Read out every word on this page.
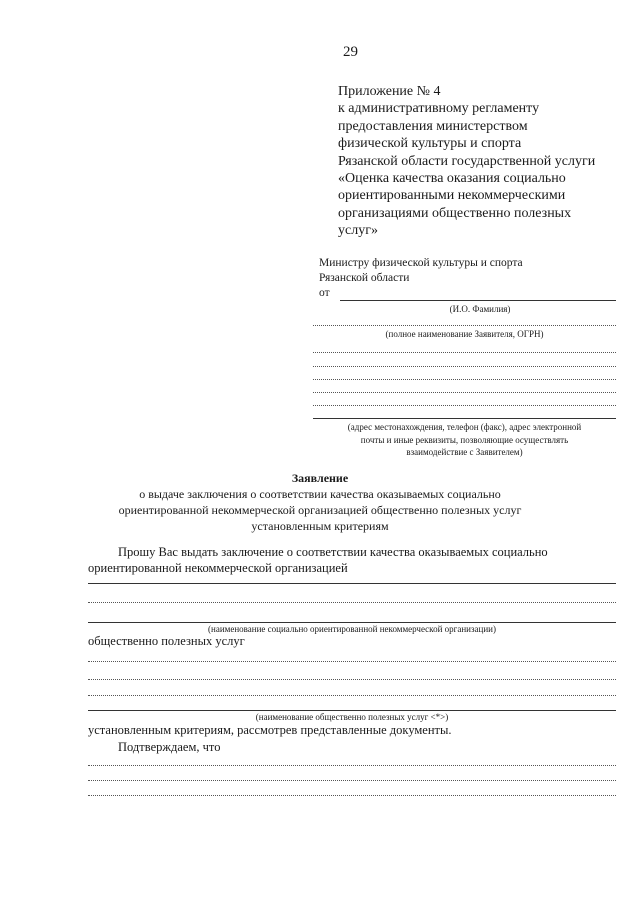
29
Приложение № 4
к административному регламенту
предоставления министерством
физической культуры и спорта
Рязанской области государственной услуги
«Оценка качества оказания социально
ориентированными некоммерческими
организациями общественно полезных
услуг»
Министру физической культуры и спорта
Рязанской области
от
(И.О. Фамилия)
(полное наименование Заявителя, ОГРН)
(адрес местонахождения, телефон (факс), адрес электронной
почты и иные реквизиты, позволяющие осуществлять
взаимодействие с Заявителем)
Заявление
о выдаче заключения о соответствии качества оказываемых социально
ориентированной некоммерческой организацией общественно полезных услуг
установленным критериям
Прошу Вас выдать заключение о соответствии качества оказываемых социально
ориентированной некоммерческой организацией
(наименование социально ориентированной некоммерческой организации)
общественно полезных услуг
(наименование общественно полезных услуг <*>)
установленным критериям, рассмотрев представленные документы.
Подтверждаем, что
